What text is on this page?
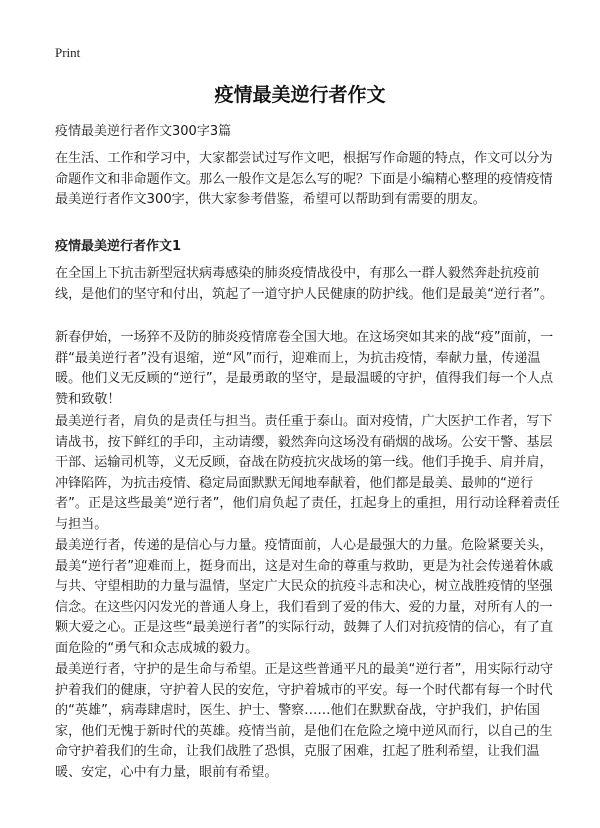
Print
疫情最美逆行者作文

疫情最美逆行者作文300字3篇

在生活、工作和学习中，大家都尝试过写作文吧，根据写作命题的特点，作文可以分为命题作文和非命题作文。那么一般作文是怎么写的呢？下面是小编精心整理的疫情疫情最美逆行者作文300字，供大家参考借鉴，希望可以帮助到有需要的朋友。

疫情最美逆行者作文1

在全国上下抗击新型冠状病毒感染的肺炎疫情战役中，有那么一群人毅然奔赴抗疫前线，是他们的坚守和付出，筑起了一道守护人民健康的防护线。他们是最美“逆行者”。

新春伊始，一场猝不及防的肺炎疫情席卷全国大地。在这场突如其来的战“疫”面前，一群“最美逆行者”没有退缩，逆“风”而行，迎难而上，为抗击疫情，奉献力量，传递温暖。他们义无反顾的“逆行”，是最勇敢的坚守，是最温暖的守护，值得我们每一个人点赞和致敬！

最美逆行者，肩负的是责任与担当。责任重于泰山。面对疫情，广大医护工作者，写下请战书，按下鲜红的手印，主动请缨，毅然奔向这场没有硝烟的战场。公安干警、基层干部、运输司机等，义无反顾，奋战在防疫抗灾战场的第一线。他们手挽手、肩并肩，冲锋陷阵，为抗击疫情、稳定局面默默无闻地奉献着，他们都是最美、最帅的“逆行者”。正是这些最美“逆行者”，他们肩负起了责任，扛起身上的重担，用行动诠释着责任与担当。

最美逆行者，传递的是信心与力量。疫情面前，人心是最强大的力量。危险紧要关头，最美“逆行者”迎难而上，挺身而出，这是对生命的尊重与救助，更是为社会传递着休戚与共、守望相助的力量与温情，坚定广大民众的抗疫斗志和决心，树立战胜疫情的坚强信念。在这些闪闪发光的普通人身上，我们看到了爱的伟大、爱的力量，对所有人的一颗大爱之心。正是这些“最美逆行者”的实际行动，鼓舞了人们对抗疫情的信心，有了直面危险的“勇气和众志成城的毅力。

最美逆行者，守护的是生命与希望。正是这些普通平凡的最美“逆行者”，用实际行动守护着我们的健康，守护着人民的安危，守护着城市的平安。每一个时代都有每一个时代的“英雄”，病毒肆虐时，医生、护士、警察……他们在默默奋战，守护我们，护佑国家，他们无愧于新时代的英雄。疫情当前，是他们在危险之境中逆风而行，以自己的生命守护着我们的生命，让我们战胜了恐惧，克服了困难，扛起了胜利希望，让我们温暖、安定，心中有力量，眼前有希望。
